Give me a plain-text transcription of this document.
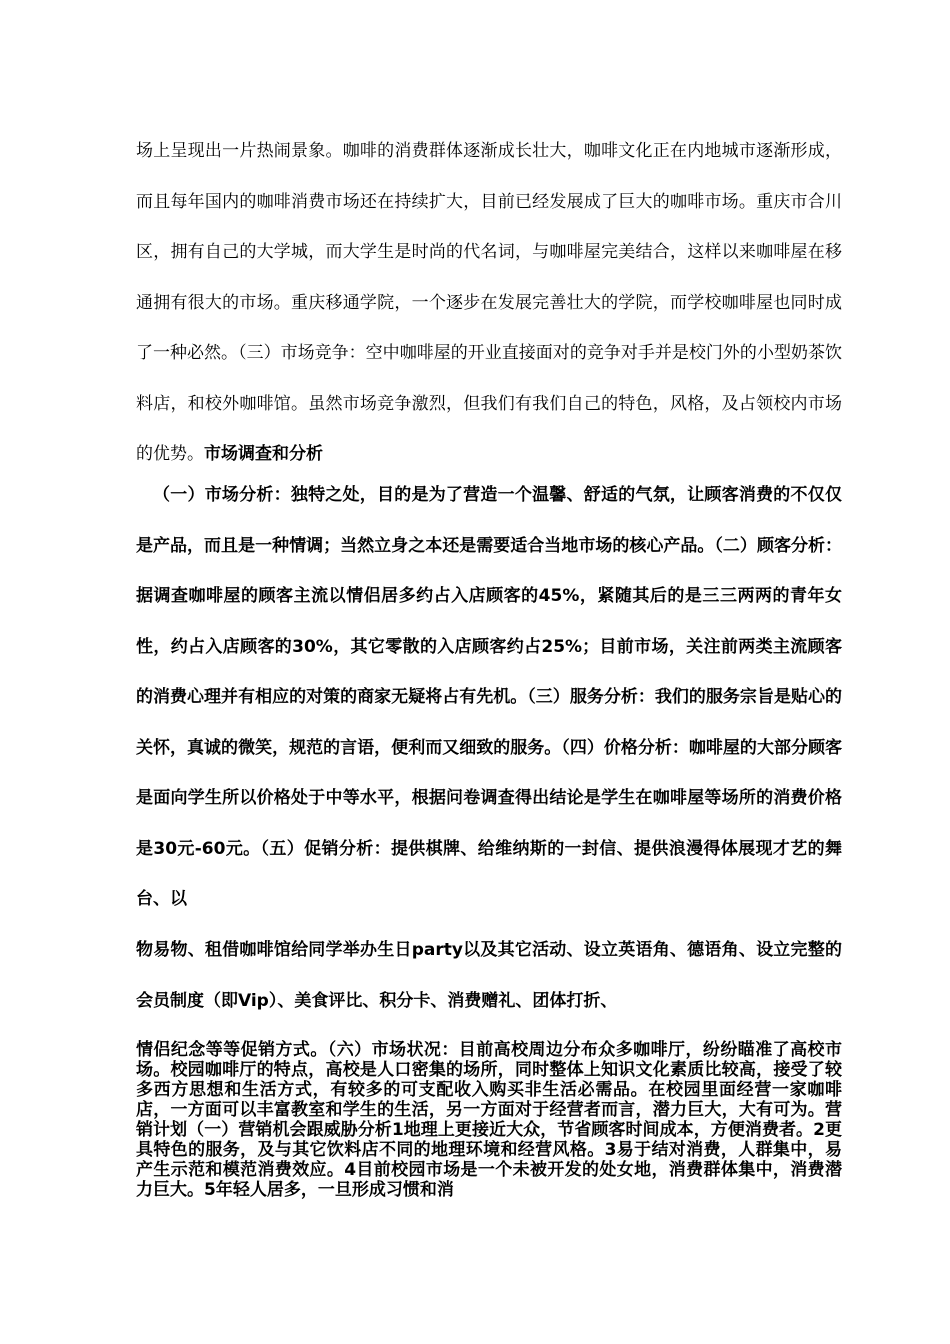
场上呈现出一片热闹景象。咖啡的消费群体逐渐成长壮大，咖啡文化正在内地城市逐渐形成，而且每年国内的咖啡消费市场还在持续扩大，目前已经发展成了巨大的咖啡市场。重庆市合川区，拥有自己的大学城，而大学生是时尚的代名词，与咖啡屋完美结合，这样以来咖啡屋在移通拥有很大的市场。重庆移通学院，一个逐步在发展完善壮大的学院，而学校咖啡屋也同时成了一种必然。（三）市场竞争：空中咖啡屋的开业直接面对的竞争对手并是校门外的小型奶茶饮料店，和校外咖啡馆。虽然市场竞争激烈，但我们有我们自己的特色，风格，及占领校内市场的优势。市场调查和分析

（一）市场分析：独特之处，目的是为了营造一个温馨、舒适的气氛，让顾客消费的不仅仅是产品，而且是一种情调；当然立身之本还是需要适合当地市场的核心产品。（二）顾客分析：据调查咖啡屋的顾客主流以情侣居多约占入店顾客的45%，紧随其后的是三三两两的青年女性，约占入店顾客的30%，其它零散的入店顾客约占25%；目前市场，关注前两类主流顾客的消费心理并有相应的对策的商家无疑将占有先机。（三）服务分析：我们的服务宗旨是贴心的关怀，真诚的微笑，规范的言语，便利而又细致的服务。（四）价格分析：咖啡屋的大部分顾客是面向学生所以价格处于中等水平，根据问卷调查得出结论是学生在咖啡屋等场所的消费价格是30元-60元。（五）促销分析：提供棋牌、给维纳斯的一封信、提供浪漫得体展现才艺的舞台、以

物易物、租借咖啡馆给同学举办生日party以及其它活动、设立英语角、德语角、设立完整的会员制度（即Vip）、美食评比、积分卡、消费赠礼、团体打折、

情侣纪念等等促销方式。（六）市场状况：目前高校周边分布众多咖啡厅，纷纷瞄准了高校市场。校园咖啡厅的特点，高校是人口密集的场所，同时整体上知识文化素质比较高，接受了较多西方思想和生活方式，有较多的可支配收入购买非生活必需品。在校园里面经营一家咖啡店，一方面可以丰富教室和学生的生活，另一方面对于经营者而言，潜力巨大，大有可为。营销计划（一）营销机会跟威胁分析1地理上更接近大众，节省顾客时间成本，方便消费者。2更具特色的服务，及与其它饮料店不同的地理环境和经营风格。3易于结对消费，人群集中，易产生示范和模范消费效应。4目前校园市场是一个未被开发的处女地，消费群体集中，消费潜力巨大。5年轻人居多，一旦形成习惯和消
